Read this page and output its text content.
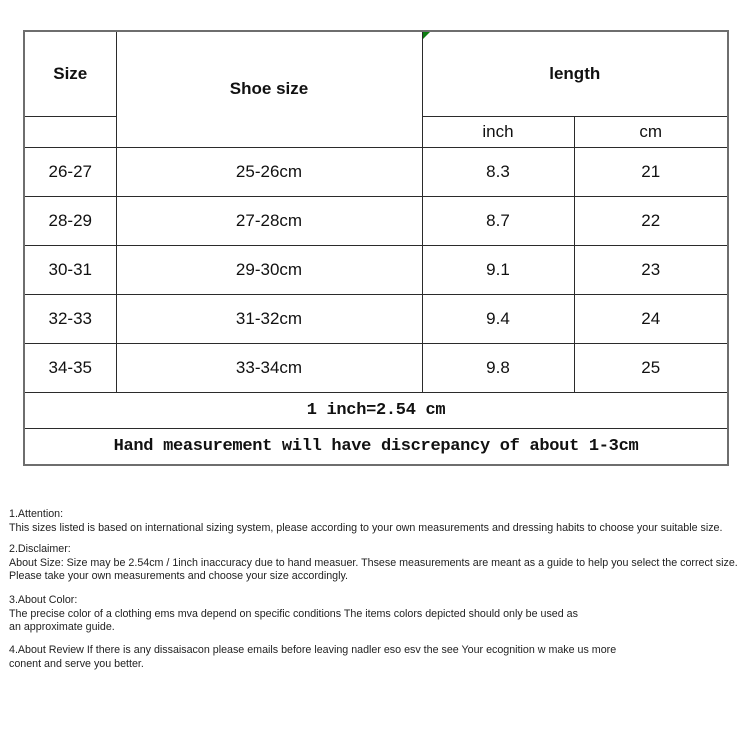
Size	Shoe size	length	
		inch	cm
26-27	25-26cm	8.3	21
28-29	27-28cm	8.7	22
30-31	29-30cm	9.1	23
32-33	31-32cm	9.4	24
34-35	33-34cm	9.8	25
1 inch=2.54 cm			
Hand measurement will have discrepancy of about 1-3cm			
1.Attention:
This sizes listed is based on international sizing system, please according to your own measurements and dressing habits to choose your suitable size.
2.Disclaimer:
About Size: Size may be 2.54cm / 1inch inaccuracy due to hand measuer. Thsese measurements are meant as a guide to help you select the correct size.
Please take your own measurements and choose your size accordingly.
3.About Color:
The precise color of a clothing ems mva depend on specific conditions The items colors depicted should only be used as
an approximate guide.
4.About Review If there is any dissaisacon please emails before leaving nadler eso esv the see Your ecognition w make us more
conent and serve you better.
